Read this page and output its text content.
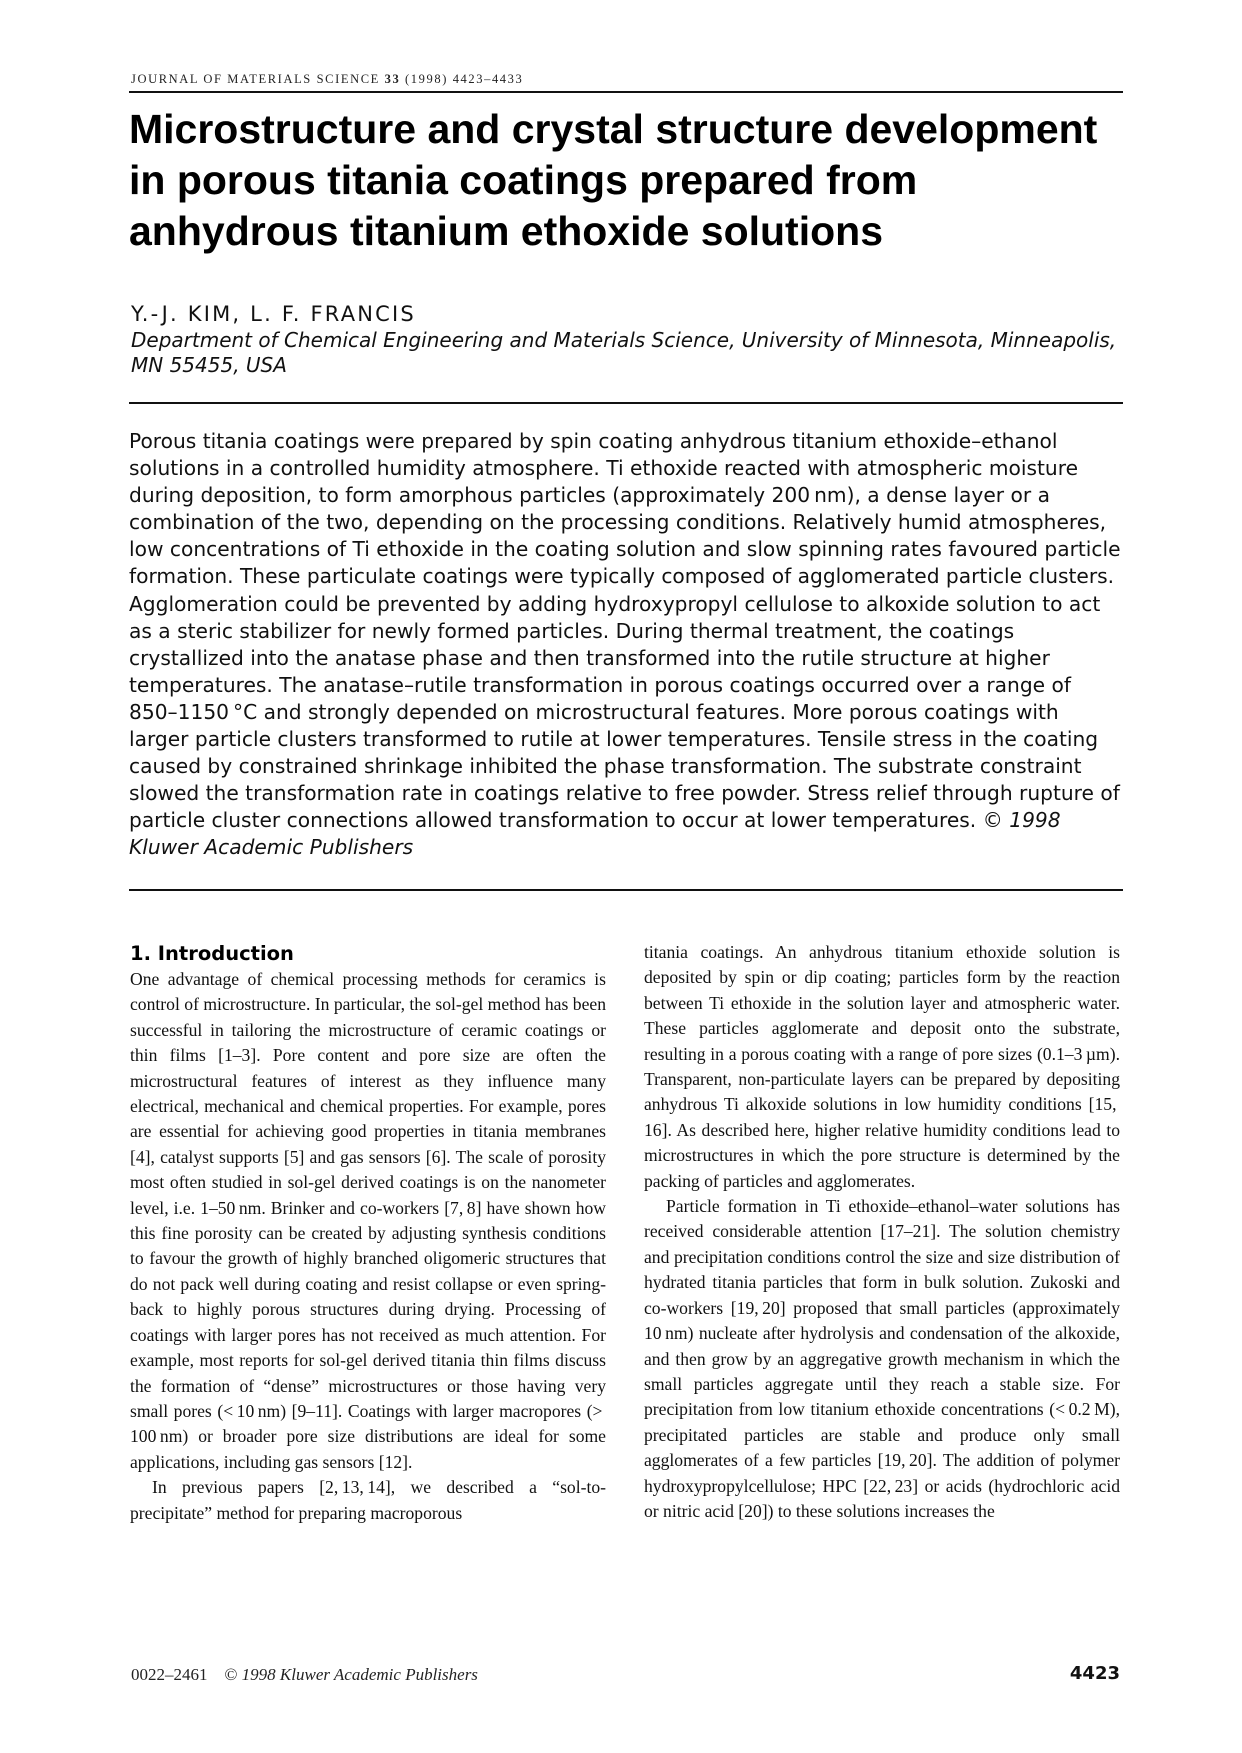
JOURNAL OF MATERIALS SCIENCE 33 (1998) 4423–4433
Microstructure and crystal structure development in porous titania coatings prepared from anhydrous titanium ethoxide solutions
Y.-J. KIM, L. F. FRANCIS
Department of Chemical Engineering and Materials Science, University of Minnesota, Minneapolis, MN 55455, USA

Porous titania coatings were prepared by spin coating anhydrous titanium ethoxide–ethanol solutions in a controlled humidity atmosphere. Ti ethoxide reacted with atmospheric moisture during deposition, to form amorphous particles (approximately 200 nm), a dense layer or a combination of the two, depending on the processing conditions. Relatively humid atmospheres, low concentrations of Ti ethoxide in the coating solution and slow spinning rates favoured particle formation. These particulate coatings were typically composed of agglomerated particle clusters. Agglomeration could be prevented by adding hydroxypropyl cellulose to alkoxide solution to act as a steric stabilizer for newly formed particles. During thermal treatment, the coatings crystallized into the anatase phase and then transformed into the rutile structure at higher temperatures. The anatase–rutile transformation in porous coatings occurred over a range of 850–1150 °C and strongly depended on microstructural features. More porous coatings with larger particle clusters transformed to rutile at lower temperatures. Tensile stress in the coating caused by constrained shrinkage inhibited the phase transformation. The substrate constraint slowed the transformation rate in coatings relative to free powder. Stress relief through rupture of particle cluster connections allowed transformation to occur at lower temperatures. © 1998 Kluwer Academic Publishers

1. Introduction

One advantage of chemical processing methods for ceramics is control of microstructure. In particular, the sol-gel method has been successful in tailoring the microstructure of ceramic coatings or thin films [1–3]. Pore content and pore size are often the microstructural features of interest as they influence many electrical, mechanical and chemical properties. For example, pores are essential for achieving good properties in titania membranes [4], catalyst supports [5] and gas sensors [6]. The scale of porosity most often studied in sol-gel derived coatings is on the nanometer level, i.e. 1–50 nm. Brinker and co-workers [7, 8] have shown how this fine porosity can be created by adjusting synthesis conditions to favour the growth of highly branched oligomeric structures that do not pack well during coating and resist collapse or even spring-back to highly porous structures during drying. Processing of coatings with larger pores has not received as much attention. For example, most reports for sol-gel derived titania thin films discuss the formation of “dense” microstructures or those having very small pores (< 10 nm) [9–11]. Coatings with larger macropores (> 100 nm) or broader pore size distributions are ideal for some applications, including gas sensors [12].

In previous papers [2, 13, 14], we described a “sol-to-precipitate” method for preparing macroporous

titania coatings. An anhydrous titanium ethoxide solution is deposited by spin or dip coating; particles form by the reaction between Ti ethoxide in the solution layer and atmospheric water. These particles agglomerate and deposit onto the substrate, resulting in a porous coating with a range of pore sizes (0.1–3 µm). Transparent, non-particulate layers can be prepared by depositing anhydrous Ti alkoxide solutions in low humidity conditions [15, 16]. As described here, higher relative humidity conditions lead to microstructures in which the pore structure is determined by the packing of particles and agglomerates.

Particle formation in Ti ethoxide–ethanol–water solutions has received considerable attention [17–21]. The solution chemistry and precipitation conditions control the size and size distribution of hydrated titania particles that form in bulk solution. Zukoski and co-workers [19, 20] proposed that small particles (approximately 10 nm) nucleate after hydrolysis and condensation of the alkoxide, and then grow by an aggregative growth mechanism in which the small particles aggregate until they reach a stable size. For precipitation from low titanium ethoxide concentrations (< 0.2 M), precipitated particles are stable and produce only small agglomerates of a few particles [19, 20]. The addition of polymer hydroxypropylcellulose; HPC [22, 23] or acids (hydrochloric acid or nitric acid [20]) to these solutions increases the

0022–2461 © 1998 Kluwer Academic Publishers	4423
